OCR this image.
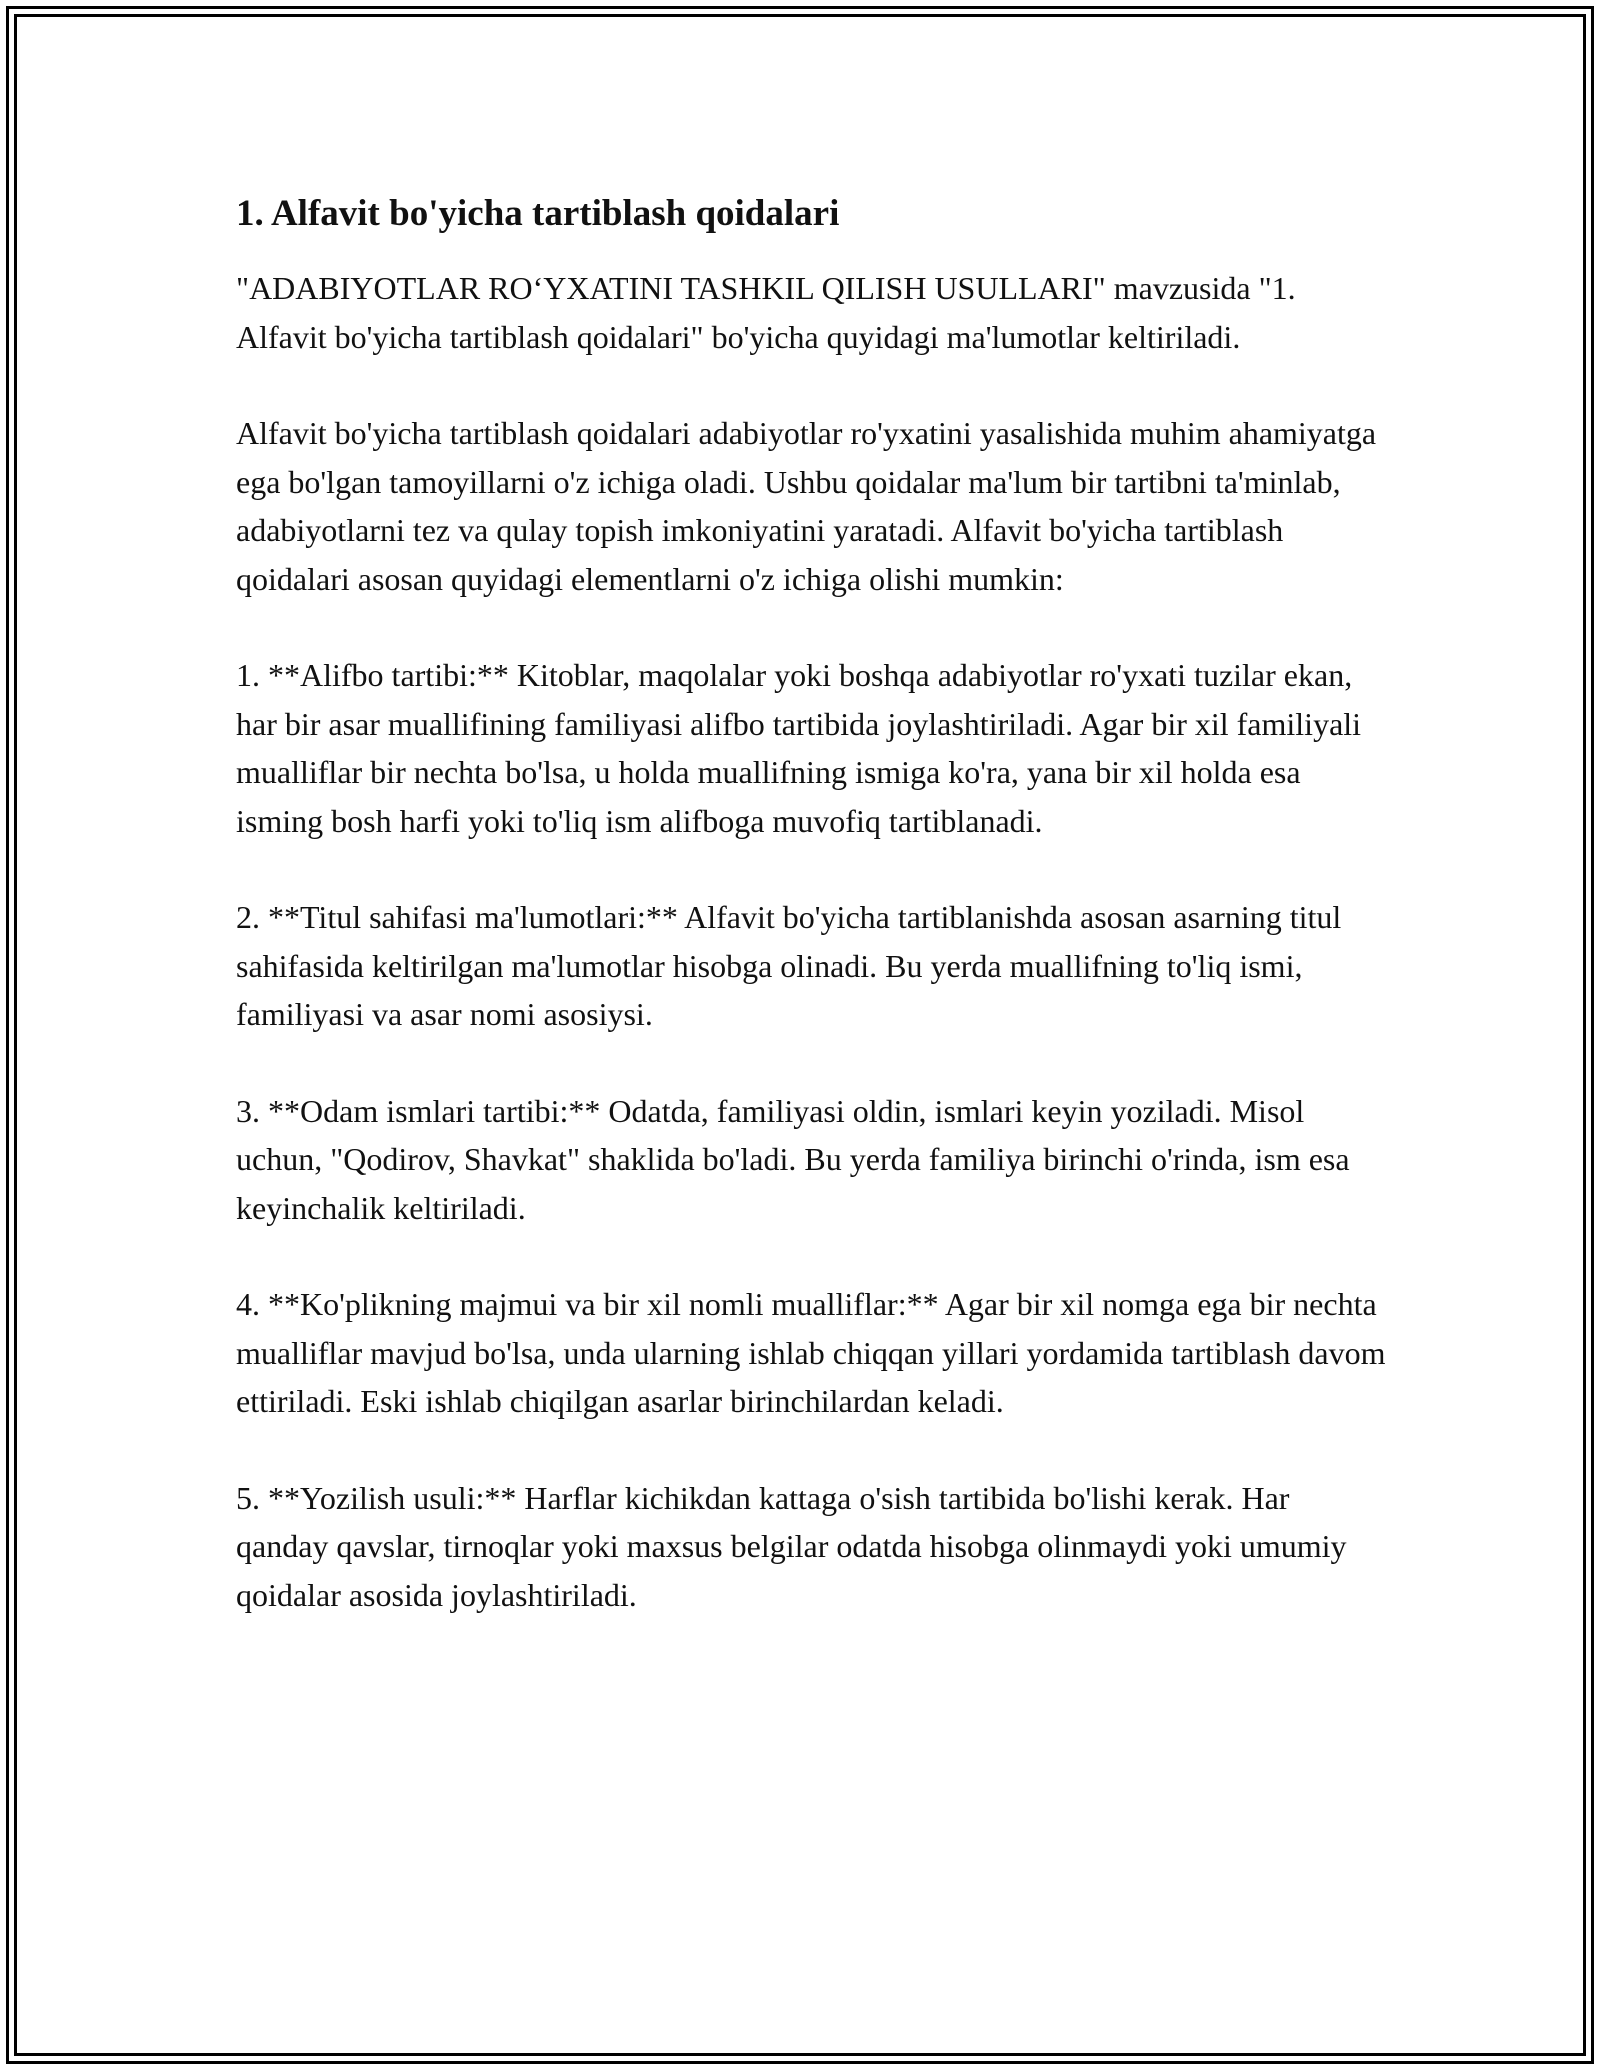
1. Alfavit bo'yicha tartiblash qoidalari

"ADABIYOTLAR RO‘YXATINI TASHKIL QILISH USULLARI" mavzusida "1. Alfavit bo'yicha tartiblash qoidalari" bo'yicha quyidagi ma'lumotlar keltiriladi.

Alfavit bo'yicha tartiblash qoidalari adabiyotlar ro'yxatini yasalishida muhim ahamiyatga ega bo'lgan tamoyillarni o'z ichiga oladi. Ushbu qoidalar ma'lum bir tartibni ta'minlab, adabiyotlarni tez va qulay topish imkoniyatini yaratadi. Alfavit bo'yicha tartiblash qoidalari asosan quyidagi elementlarni o'z ichiga olishi mumkin:

1. **Alifbo tartibi:** Kitoblar, maqolalar yoki boshqa adabiyotlar ro'yxati tuzilar ekan, har bir asar muallifining familiyasi alifbo tartibida joylashtiriladi. Agar bir xil familiyali mualliflar bir nechta bo'lsa, u holda muallifning ismiga ko'ra, yana bir xil holda esa isming bosh harfi yoki to'liq ism alifboga muvofiq tartiblanadi.

2. **Titul sahifasi ma'lumotlari:** Alfavit bo'yicha tartiblanishda asosan asarning titul sahifasida keltirilgan ma'lumotlar hisobga olinadi. Bu yerda muallifning to'liq ismi, familiyasi va asar nomi asosiysi.

3. **Odam ismlari tartibi:** Odatda, familiyasi oldin, ismlari keyin yoziladi. Misol uchun, "Qodirov, Shavkat" shaklida bo'ladi. Bu yerda familiya birinchi o'rinda, ism esa keyinchalik keltiriladi.

4. **Ko'plikning majmui va bir xil nomli mualliflar:** Agar bir xil nomga ega bir nechta mualliflar mavjud bo'lsa, unda ularning ishlab chiqqan yillari yordamida tartiblash davom ettiriladi. Eski ishlab chiqilgan asarlar birinchilardan keladi.

5. **Yozilish usuli:** Harflar kichikdan kattaga o'sish tartibida bo'lishi kerak. Har qanday qavslar, tirnoqlar yoki maxsus belgilar odatda hisobga olinmaydi yoki umumiy qoidalar asosida joylashtiriladi.
